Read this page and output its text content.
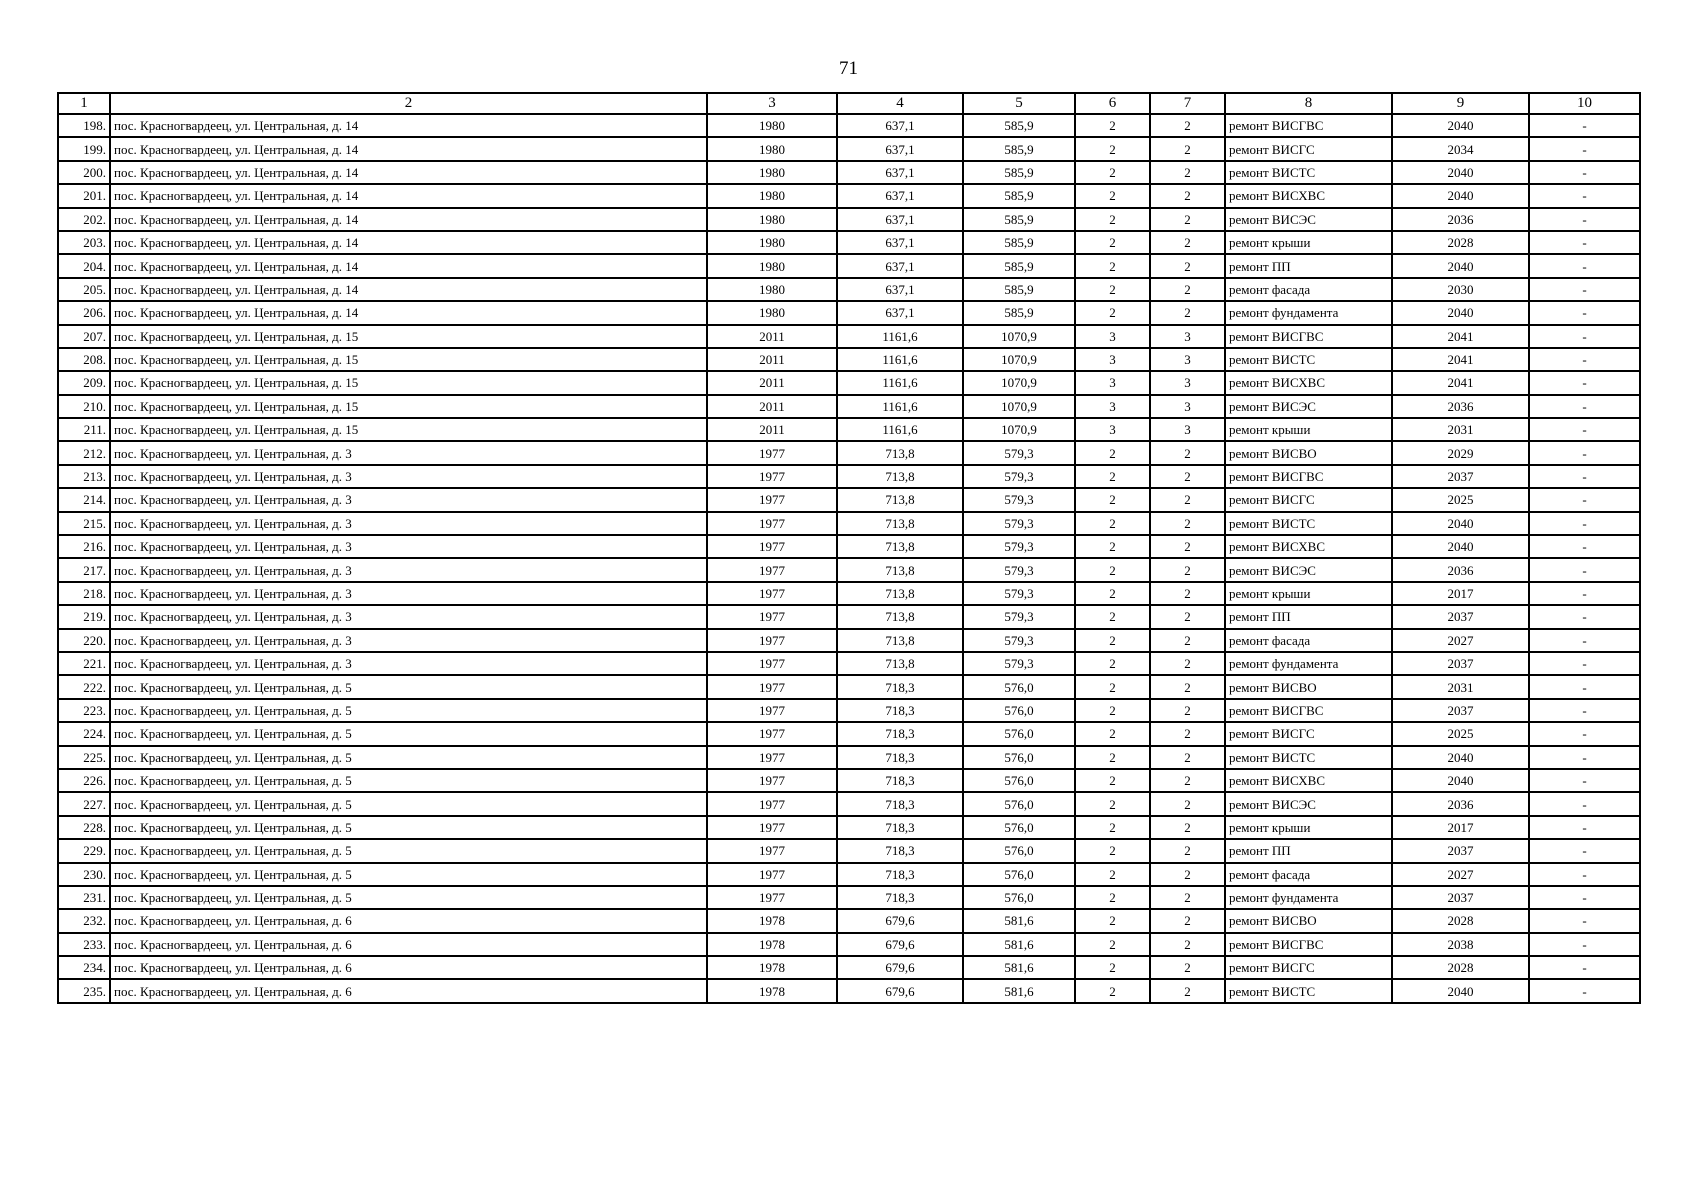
71
1	2	3	4	5	6	7	8	9	10
198.	пос. Красногвардеец, ул. Центральная, д. 14	1980	637,1	585,9	2	2	ремонт ВИСГВС	2040	-
199.	пос. Красногвардеец, ул. Центральная, д. 14	1980	637,1	585,9	2	2	ремонт ВИСГС	2034	-
200.	пос. Красногвардеец, ул. Центральная, д. 14	1980	637,1	585,9	2	2	ремонт ВИСТС	2040	-
201.	пос. Красногвардеец, ул. Центральная, д. 14	1980	637,1	585,9	2	2	ремонт ВИСХВС	2040	-
202.	пос. Красногвардеец, ул. Центральная, д. 14	1980	637,1	585,9	2	2	ремонт ВИСЭС	2036	-
203.	пос. Красногвардеец, ул. Центральная, д. 14	1980	637,1	585,9	2	2	ремонт крыши	2028	-
204.	пос. Красногвардеец, ул. Центральная, д. 14	1980	637,1	585,9	2	2	ремонт ПП	2040	-
205.	пос. Красногвардеец, ул. Центральная, д. 14	1980	637,1	585,9	2	2	ремонт фасада	2030	-
206.	пос. Красногвардеец, ул. Центральная, д. 14	1980	637,1	585,9	2	2	ремонт фундамента	2040	-
207.	пос. Красногвардеец, ул. Центральная, д. 15	2011	1161,6	1070,9	3	3	ремонт ВИСГВС	2041	-
208.	пос. Красногвардеец, ул. Центральная, д. 15	2011	1161,6	1070,9	3	3	ремонт ВИСТС	2041	-
209.	пос. Красногвардеец, ул. Центральная, д. 15	2011	1161,6	1070,9	3	3	ремонт ВИСХВС	2041	-
210.	пос. Красногвардеец, ул. Центральная, д. 15	2011	1161,6	1070,9	3	3	ремонт ВИСЭС	2036	-
211.	пос. Красногвардеец, ул. Центральная, д. 15	2011	1161,6	1070,9	3	3	ремонт крыши	2031	-
212.	пос. Красногвардеец, ул. Центральная, д. 3	1977	713,8	579,3	2	2	ремонт ВИСВО	2029	-
213.	пос. Красногвардеец, ул. Центральная, д. 3	1977	713,8	579,3	2	2	ремонт ВИСГВС	2037	-
214.	пос. Красногвардеец, ул. Центральная, д. 3	1977	713,8	579,3	2	2	ремонт ВИСГС	2025	-
215.	пос. Красногвардеец, ул. Центральная, д. 3	1977	713,8	579,3	2	2	ремонт ВИСТС	2040	-
216.	пос. Красногвардеец, ул. Центральная, д. 3	1977	713,8	579,3	2	2	ремонт ВИСХВС	2040	-
217.	пос. Красногвардеец, ул. Центральная, д. 3	1977	713,8	579,3	2	2	ремонт ВИСЭС	2036	-
218.	пос. Красногвардеец, ул. Центральная, д. 3	1977	713,8	579,3	2	2	ремонт крыши	2017	-
219.	пос. Красногвардеец, ул. Центральная, д. 3	1977	713,8	579,3	2	2	ремонт ПП	2037	-
220.	пос. Красногвардеец, ул. Центральная, д. 3	1977	713,8	579,3	2	2	ремонт фасада	2027	-
221.	пос. Красногвардеец, ул. Центральная, д. 3	1977	713,8	579,3	2	2	ремонт фундамента	2037	-
222.	пос. Красногвардеец, ул. Центральная, д. 5	1977	718,3	576,0	2	2	ремонт ВИСВО	2031	-
223.	пос. Красногвардеец, ул. Центральная, д. 5	1977	718,3	576,0	2	2	ремонт ВИСГВС	2037	-
224.	пос. Красногвардеец, ул. Центральная, д. 5	1977	718,3	576,0	2	2	ремонт ВИСГС	2025	-
225.	пос. Красногвардеец, ул. Центральная, д. 5	1977	718,3	576,0	2	2	ремонт ВИСТС	2040	-
226.	пос. Красногвардеец, ул. Центральная, д. 5	1977	718,3	576,0	2	2	ремонт ВИСХВС	2040	-
227.	пос. Красногвардеец, ул. Центральная, д. 5	1977	718,3	576,0	2	2	ремонт ВИСЭС	2036	-
228.	пос. Красногвардеец, ул. Центральная, д. 5	1977	718,3	576,0	2	2	ремонт крыши	2017	-
229.	пос. Красногвардеец, ул. Центральная, д. 5	1977	718,3	576,0	2	2	ремонт ПП	2037	-
230.	пос. Красногвардеец, ул. Центральная, д. 5	1977	718,3	576,0	2	2	ремонт фасада	2027	-
231.	пос. Красногвардеец, ул. Центральная, д. 5	1977	718,3	576,0	2	2	ремонт фундамента	2037	-
232.	пос. Красногвардеец, ул. Центральная, д. 6	1978	679,6	581,6	2	2	ремонт ВИСВО	2028	-
233.	пос. Красногвардеец, ул. Центральная, д. 6	1978	679,6	581,6	2	2	ремонт ВИСГВС	2038	-
234.	пос. Красногвардеец, ул. Центральная, д. 6	1978	679,6	581,6	2	2	ремонт ВИСГС	2028	-
235.	пос. Красногвардеец, ул. Центральная, д. 6	1978	679,6	581,6	2	2	ремонт ВИСТС	2040	-
